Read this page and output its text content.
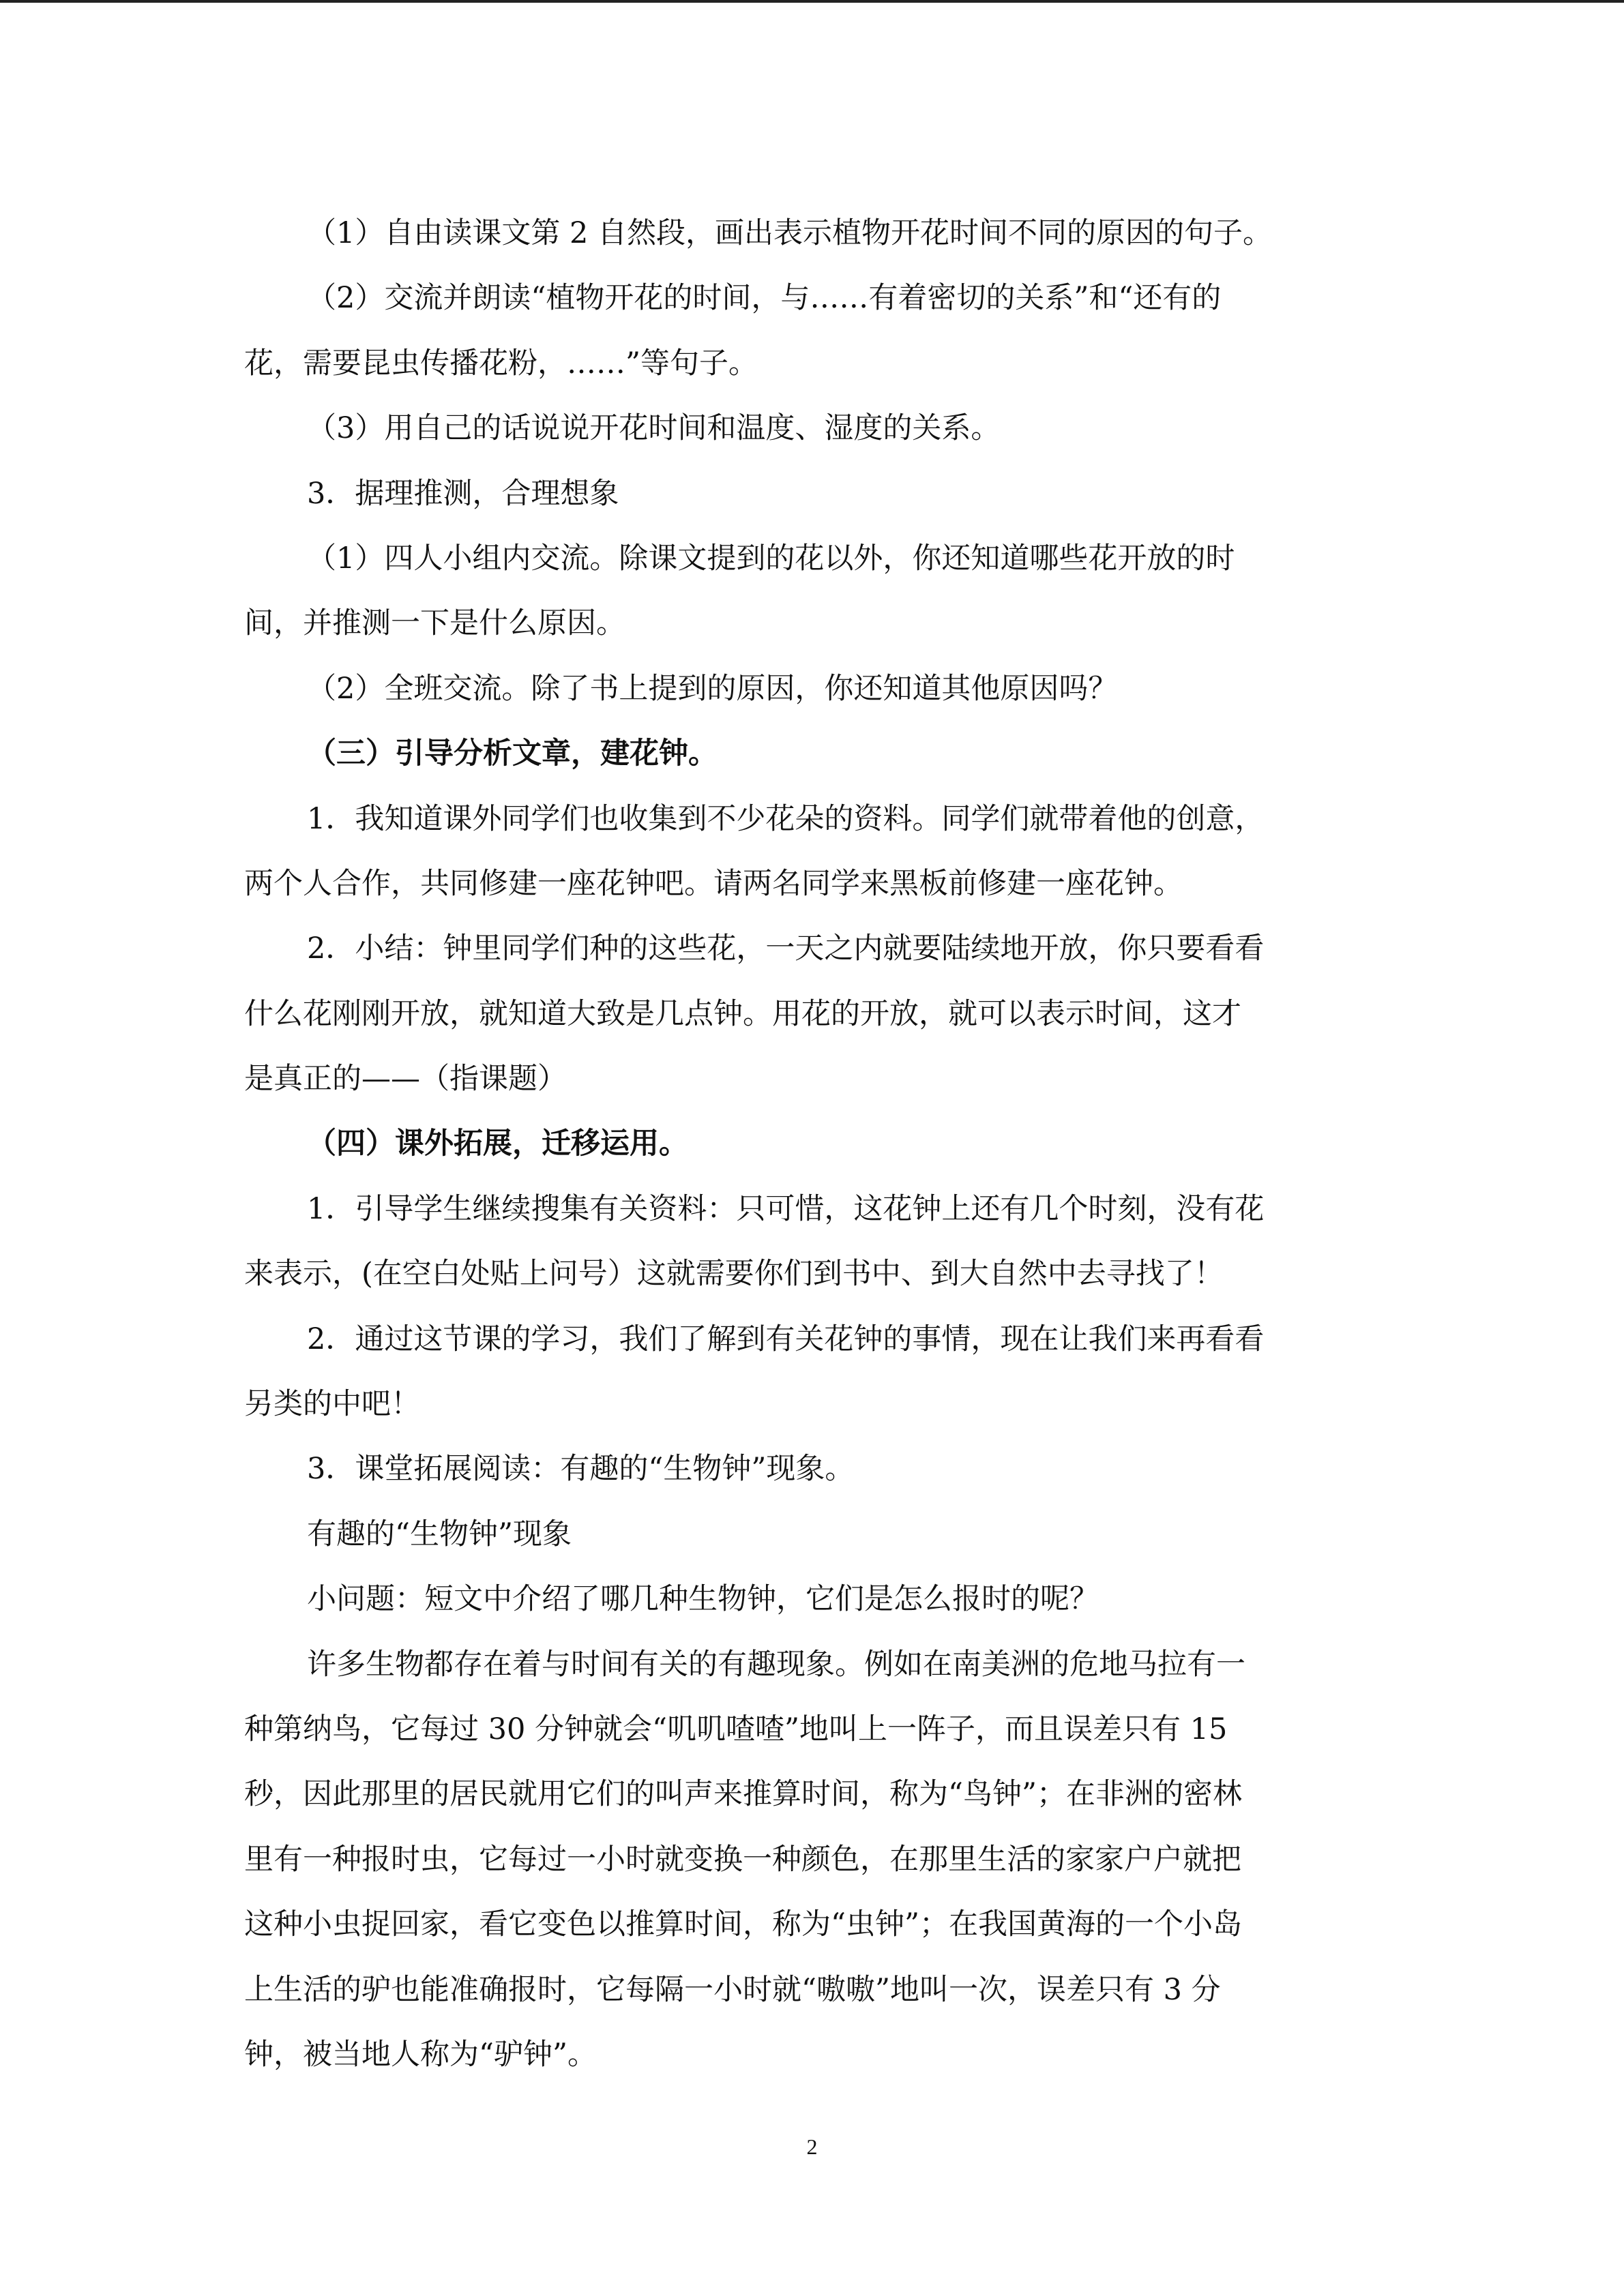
（1）自由读课文第 2 自然段，画出表示植物开花时间不同的原因的句子。
（2）交流并朗读“植物开花的时间，与……有着密切的关系”和“还有的
花，需要昆虫传播花粉，……”等句子。
（3）用自己的话说说开花时间和温度、湿度的关系。
3．据理推测，合理想象
（1）四人小组内交流。除课文提到的花以外，你还知道哪些花开放的时
间，并推测一下是什么原因。
（2）全班交流。除了书上提到的原因，你还知道其他原因吗？
（三）引导分析文章，建花钟。
1．我知道课外同学们也收集到不少花朵的资料。同学们就带着他的创意，
两个人合作，共同修建一座花钟吧。请两名同学来黑板前修建一座花钟。
2．小结：钟里同学们种的这些花，一天之内就要陆续地开放，你只要看看
什么花刚刚开放，就知道大致是几点钟。用花的开放，就可以表示时间，这才
是真正的——（指课题）
（四）课外拓展，迁移运用。
1．引导学生继续搜集有关资料：只可惜，这花钟上还有几个时刻，没有花
来表示，(在空白处贴上问号）这就需要你们到书中、到大自然中去寻找了！
2．通过这节课的学习，我们了解到有关花钟的事情，现在让我们来再看看
另类的中吧！
3．课堂拓展阅读：有趣的“生物钟”现象。
有趣的“生物钟”现象
小问题：短文中介绍了哪几种生物钟，它们是怎么报时的呢？
许多生物都存在着与时间有关的有趣现象。例如在南美洲的危地马拉有一
种第纳鸟，它每过 30 分钟就会“叽叽喳喳”地叫上一阵子，而且误差只有 15
秒，因此那里的居民就用它们的叫声来推算时间，称为“鸟钟”；在非洲的密林
里有一种报时虫，它每过一小时就变换一种颜色，在那里生活的家家户户就把
这种小虫捉回家，看它变色以推算时间，称为“虫钟”；在我国黄海的一个小岛
上生活的驴也能准确报时，它每隔一小时就“嗷嗷”地叫一次，误差只有 3 分
钟，被当地人称为“驴钟”。
2
